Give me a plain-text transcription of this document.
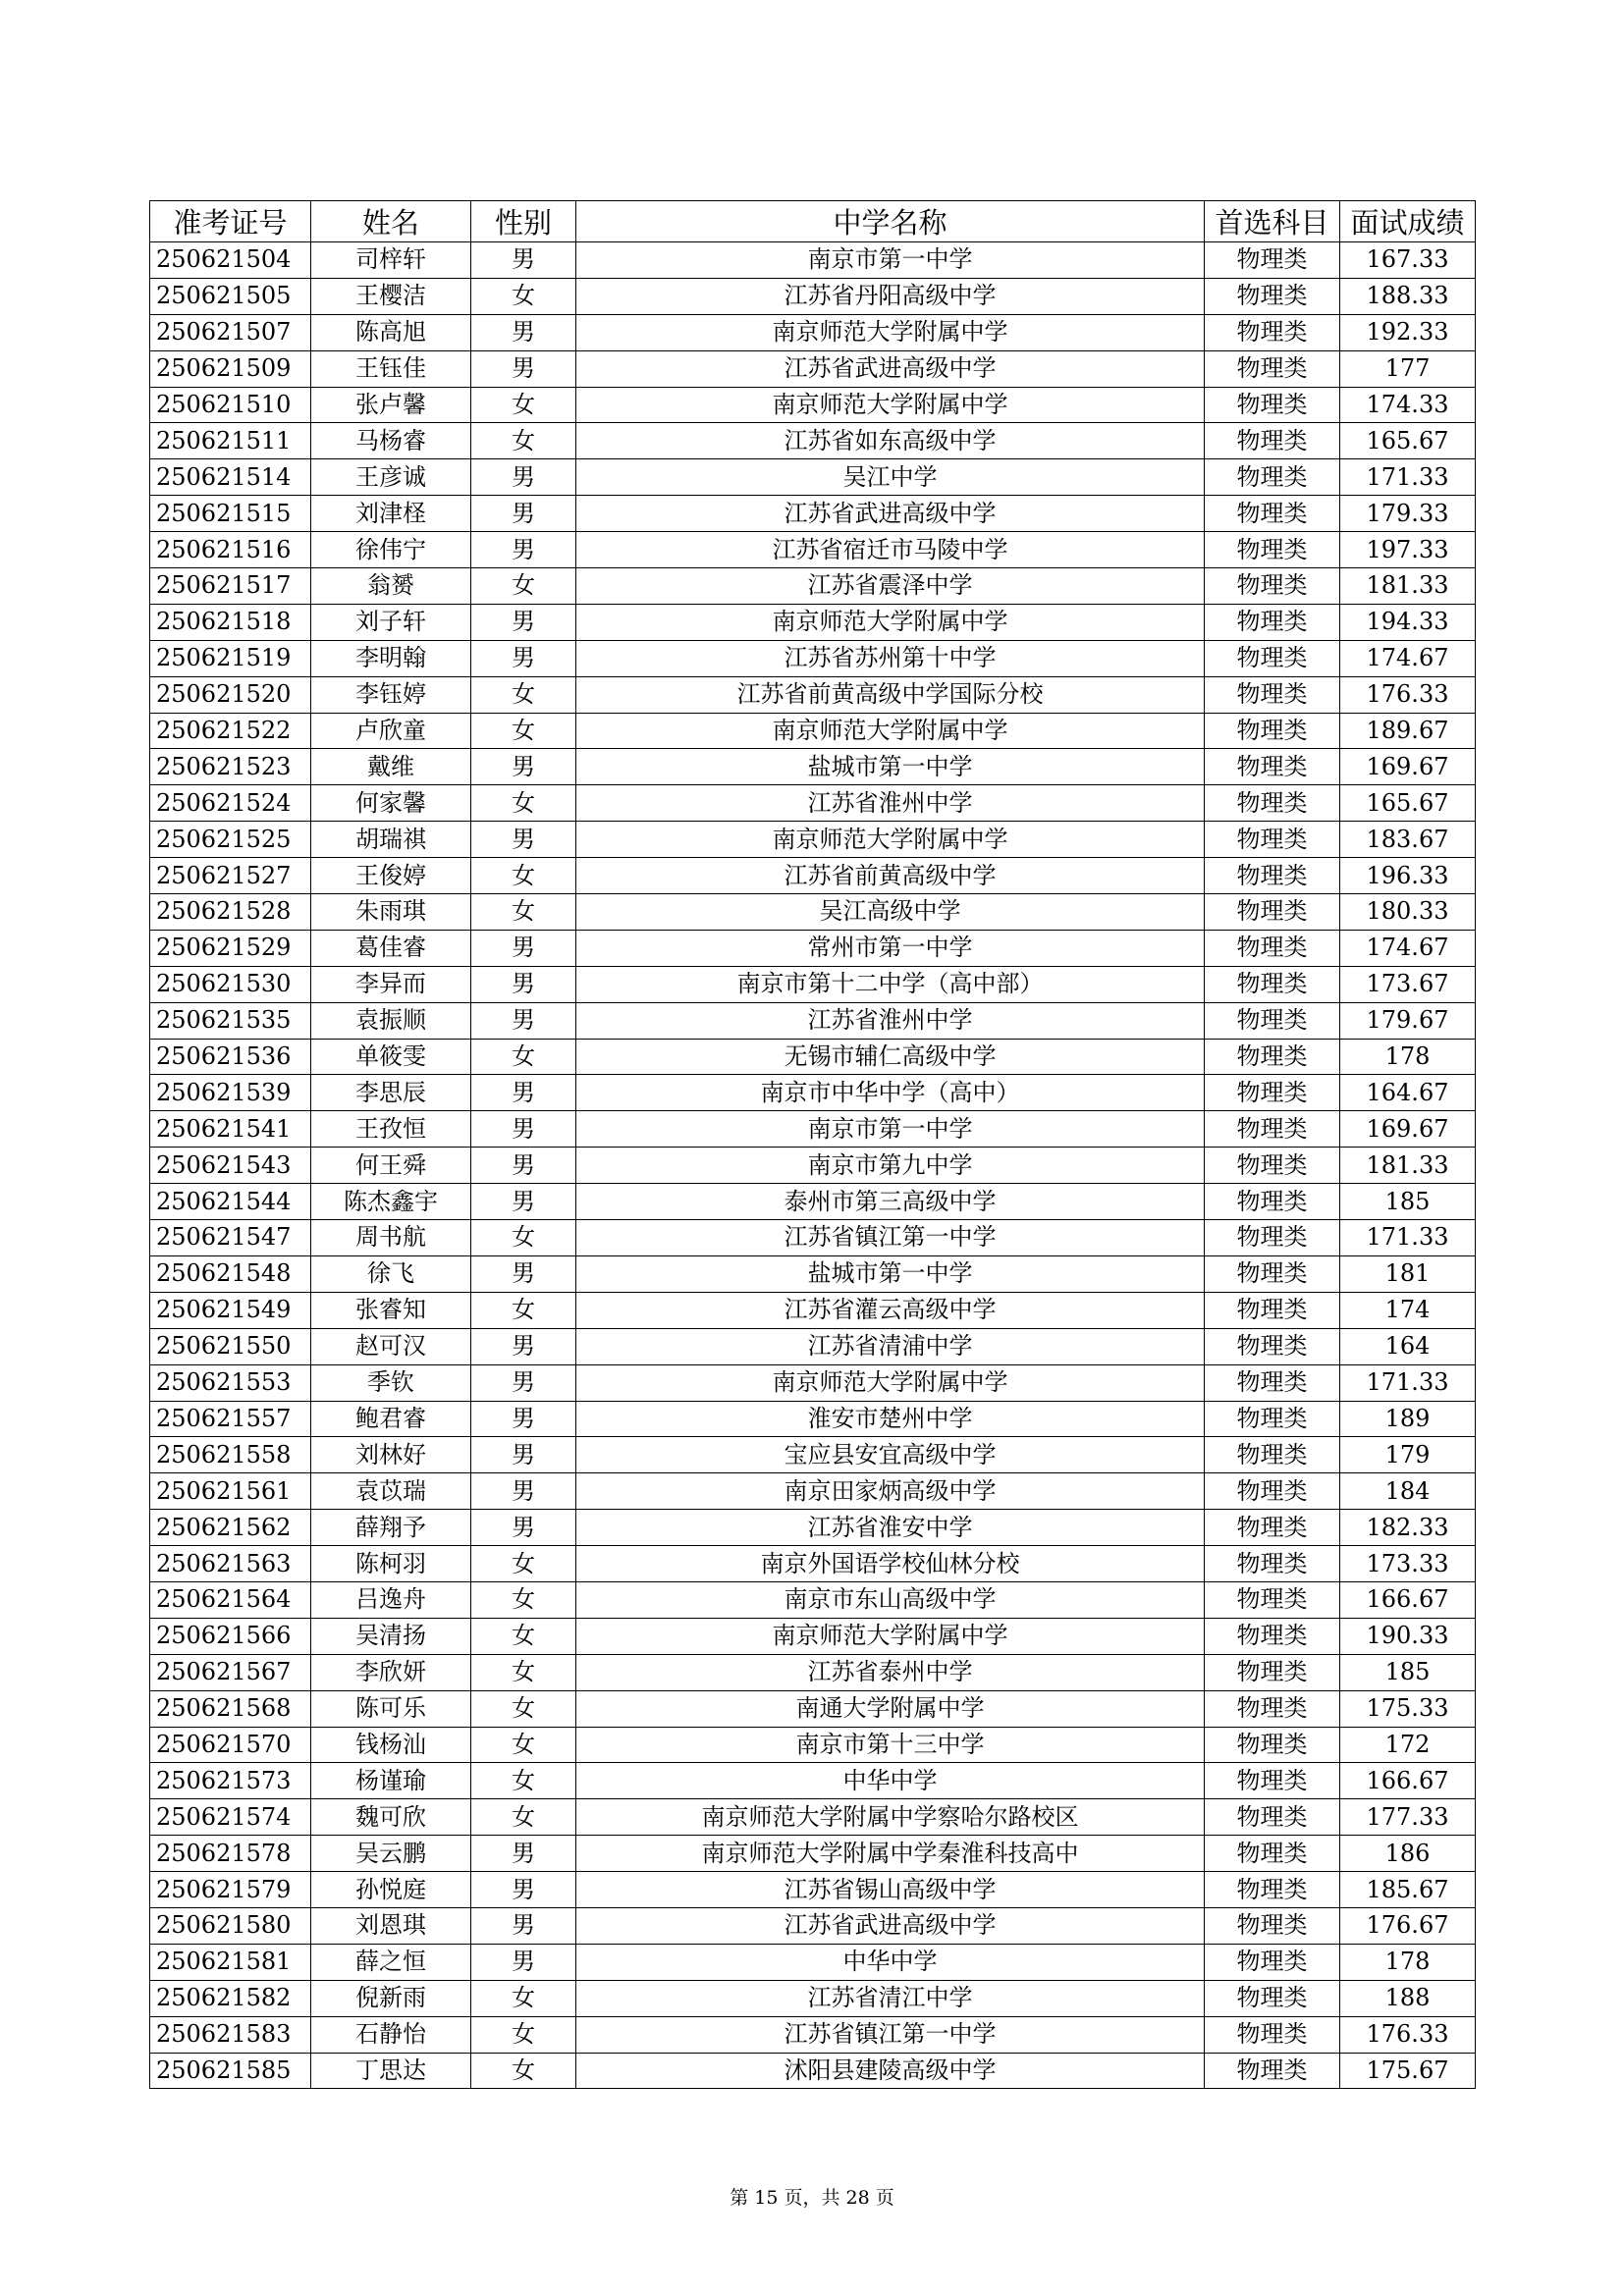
准考证号	姓名	性别	中学名称	首选科目	面试成绩
250621504	司梓轩	男	南京市第一中学	物理类	167.33
250621505	王樱洁	女	江苏省丹阳高级中学	物理类	188.33
250621507	陈高旭	男	南京师范大学附属中学	物理类	192.33
250621509	王钰佳	男	江苏省武进高级中学	物理类	177
250621510	张卢馨	女	南京师范大学附属中学	物理类	174.33
250621511	马杨睿	女	江苏省如东高级中学	物理类	165.67
250621514	王彦诚	男	吴江中学	物理类	171.33
250621515	刘津柽	男	江苏省武进高级中学	物理类	179.33
250621516	徐伟宁	男	江苏省宿迁市马陵中学	物理类	197.33
250621517	翁赟	女	江苏省震泽中学	物理类	181.33
250621518	刘子轩	男	南京师范大学附属中学	物理类	194.33
250621519	李明翰	男	江苏省苏州第十中学	物理类	174.67
250621520	李钰婷	女	江苏省前黄高级中学国际分校	物理类	176.33
250621522	卢欣童	女	南京师范大学附属中学	物理类	189.67
250621523	戴维	男	盐城市第一中学	物理类	169.67
250621524	何家馨	女	江苏省淮州中学	物理类	165.67
250621525	胡瑞祺	男	南京师范大学附属中学	物理类	183.67
250621527	王俊婷	女	江苏省前黄高级中学	物理类	196.33
250621528	朱雨琪	女	吴江高级中学	物理类	180.33
250621529	葛佳睿	男	常州市第一中学	物理类	174.67
250621530	李异而	男	南京市第十二中学（高中部）	物理类	173.67
250621535	袁振顺	男	江苏省淮州中学	物理类	179.67
250621536	单筱雯	女	无锡市辅仁高级中学	物理类	178
250621539	李思辰	男	南京市中华中学（高中）	物理类	164.67
250621541	王孜恒	男	南京市第一中学	物理类	169.67
250621543	何王舜	男	南京市第九中学	物理类	181.33
250621544	陈杰鑫宇	男	泰州市第三高级中学	物理类	185
250621547	周书航	女	江苏省镇江第一中学	物理类	171.33
250621548	徐飞	男	盐城市第一中学	物理类	181
250621549	张睿知	女	江苏省灌云高级中学	物理类	174
250621550	赵可汉	男	江苏省清浦中学	物理类	164
250621553	季钦	男	南京师范大学附属中学	物理类	171.33
250621557	鲍君睿	男	淮安市楚州中学	物理类	189
250621558	刘林好	男	宝应县安宜高级中学	物理类	179
250621561	袁苡瑞	男	南京田家炳高级中学	物理类	184
250621562	薛翔予	男	江苏省淮安中学	物理类	182.33
250621563	陈柯羽	女	南京外国语学校仙林分校	物理类	173.33
250621564	吕逸舟	女	南京市东山高级中学	物理类	166.67
250621566	吴清扬	女	南京师范大学附属中学	物理类	190.33
250621567	李欣妍	女	江苏省泰州中学	物理类	185
250621568	陈可乐	女	南通大学附属中学	物理类	175.33
250621570	钱杨汕	女	南京市第十三中学	物理类	172
250621573	杨谨瑜	女	中华中学	物理类	166.67
250621574	魏可欣	女	南京师范大学附属中学察哈尔路校区	物理类	177.33
250621578	吴云鹏	男	南京师范大学附属中学秦淮科技高中	物理类	186
250621579	孙悦庭	男	江苏省锡山高级中学	物理类	185.67
250621580	刘恩琪	男	江苏省武进高级中学	物理类	176.67
250621581	薛之恒	男	中华中学	物理类	178
250621582	倪新雨	女	江苏省清江中学	物理类	188
250621583	石静怡	女	江苏省镇江第一中学	物理类	176.33
250621585	丁思达	女	沭阳县建陵高级中学	物理类	175.67
第 15 页，共 28 页
